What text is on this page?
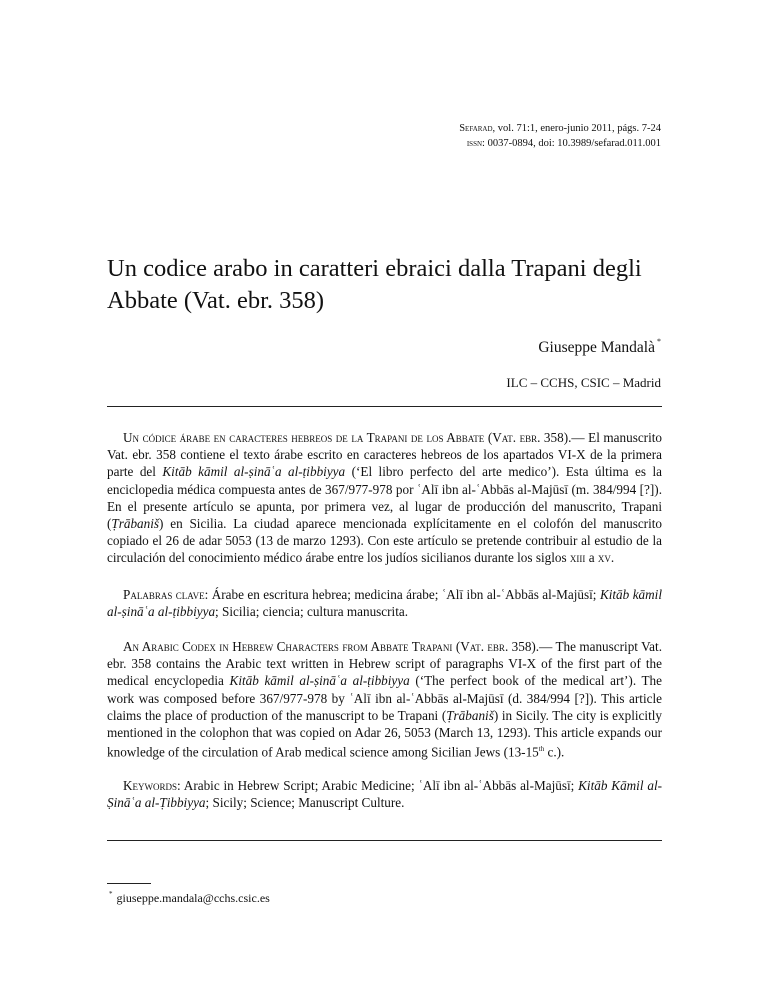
Sefarad, vol. 71:1, enero-junio 2011, págs. 7-24
issn: 0037-0894, doi: 10.3989/sefarad.011.001
Un codice arabo in caratteri ebraici dalla Trapani degli Abbate (Vat. ebr. 358)
Giuseppe Mandalà *
ILC – CCHS, CSIC – Madrid

Un códice árabe en caracteres hebreos de la Trapani de los Abbate (Vat. ebr. 358).— El manuscrito Vat. ebr. 358 contiene el texto árabe escrito en caracteres hebreos de los apartados VI-X de la primera parte del Kitāb kāmil al-ṣināʿa al-ṭibbiyya (‘El libro perfecto del arte medico’). Esta última es la enciclopedia médica compuesta antes de 367/977-978 por ʿAlī ibn al-ʿAbbās al-Majūsī (m. 384/994 [?]). En el presente artículo se apunta, por primera vez, al lugar de producción del manuscrito, Trapani (Ṭrābaniš) en Sicilia. La ciudad aparece mencionada explícitamente en el colofón del manuscrito copiado el 26 de adar 5053 (13 de marzo 1293). Con este artículo se pretende contribuir al estudio de la circulación del conocimiento médico árabe entre los judíos sicilianos durante los siglos xiii a xv.

Palabras clave: Árabe en escritura hebrea; medicina árabe; ʿAlī ibn al-ʿAbbās al-Majūsī; Kitāb kāmil al-ṣināʿa al-ṭibbiyya; Sicilia; ciencia; cultura manuscrita.

An Arabic Codex in Hebrew Characters from Abbate Trapani (Vat. ebr. 358).— The manuscript Vat. ebr. 358 contains the Arabic text written in Hebrew script of paragraphs VI-X of the first part of the medical encyclopedia Kitāb kāmil al-ṣināʿa al-ṭibbiyya (‘The perfect book of the medical art’). The work was composed before 367/977-978 by ʿAlī ibn al-ʿAbbās al-Majūsī (d. 384/994 [?]). This article claims the place of production of the manuscript to be Trapani (Ṭrābaniš) in Sicily. The city is explicitly mentioned in the colophon that was copied on Adar 26, 5053 (March 13, 1293). This article expands our knowledge of the circulation of Arab medical science among Sicilian Jews (13-15th c.).

Keywords: Arabic in Hebrew Script; Arabic Medicine; ʿAlī ibn al-ʿAbbās al-Majūsī; Kitāb Kāmil al-Ṣināʿa al-Ṭibbiyya; Sicily; Science; Manuscript Culture.

* giuseppe.mandala@cchs.csic.es
